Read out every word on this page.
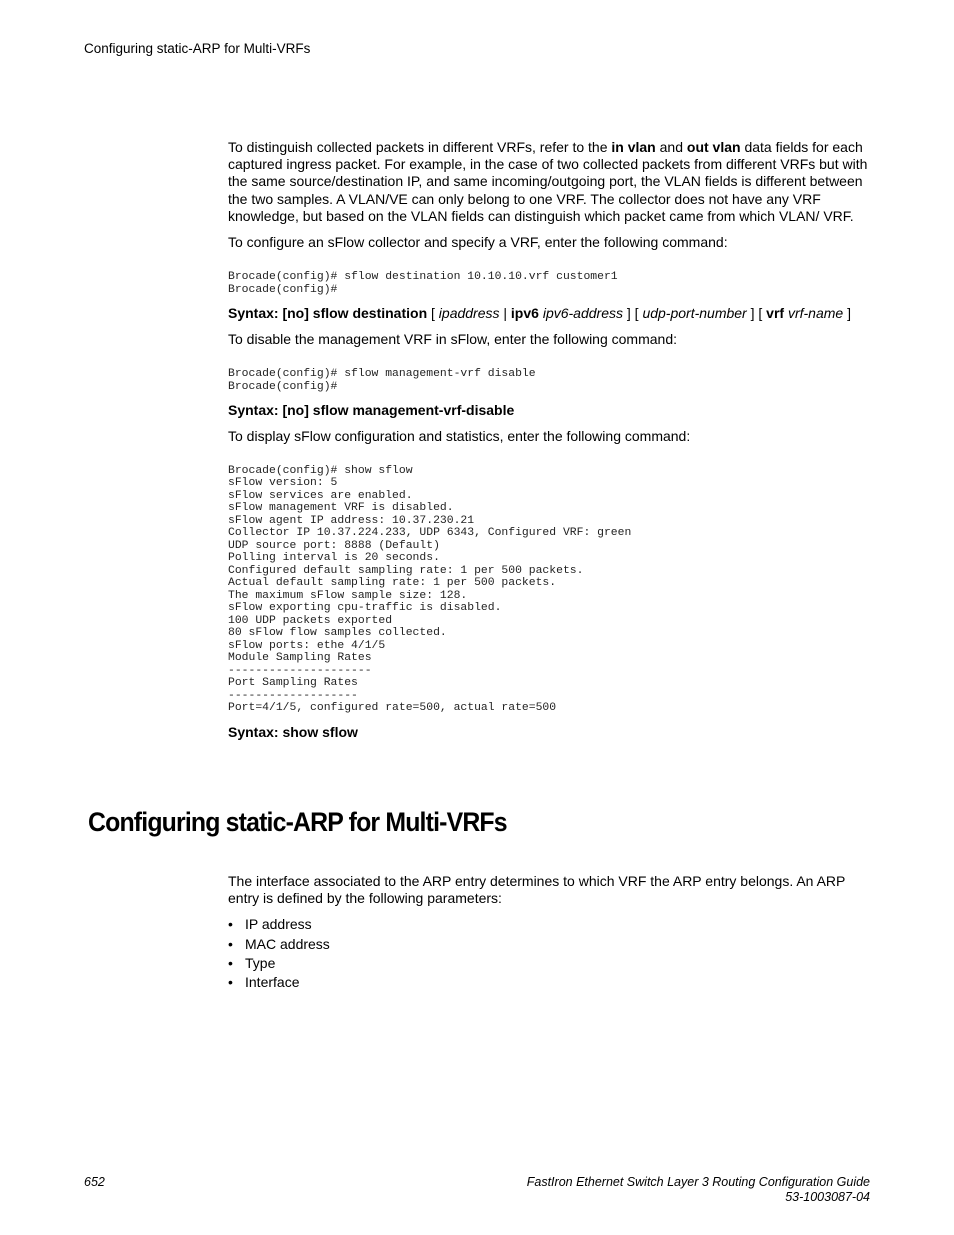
Configuring static-ARP for Multi-VRFs

To distinguish collected packets in different VRFs, refer to the in vlan and out vlan data fields for each captured ingress packet. For example, in the case of two collected packets from different VRFs but with the same source/destination IP, and same incoming/outgoing port, the VLAN fields is different between the two samples. A VLAN/VE can only belong to one VRF. The collector does not have any VRF knowledge, but based on the VLAN fields can distinguish which packet came from which VLAN/ VRF.

To configure an sFlow collector and specify a VRF, enter the following command:

Brocade(config)# sflow destination 10.10.10.vrf customer1
Brocade(config)#

Syntax: [no] sflow destination [ ipaddress | ipv6 ipv6-address ] [ udp-port-number ] [ vrf vrf-name ]

To disable the management VRF in sFlow, enter the following command:

Brocade(config)# sflow management-vrf disable
Brocade(config)#

Syntax: [no] sflow management-vrf-disable

To display sFlow configuration and statistics, enter the following command:

Brocade(config)# show sflow
sFlow version: 5
sFlow services are enabled.
sFlow management VRF is disabled.
sFlow agent IP address: 10.37.230.21
Collector IP 10.37.224.233, UDP 6343, Configured VRF: green
UDP source port: 8888 (Default)
Polling interval is 20 seconds.
Configured default sampling rate: 1 per 500 packets.
Actual default sampling rate: 1 per 500 packets.
The maximum sFlow sample size: 128.
sFlow exporting cpu-traffic is disabled.
100 UDP packets exported
80 sFlow flow samples collected.
sFlow ports: ethe 4/1/5
Module Sampling Rates
---------------------
Port Sampling Rates
-------------------
Port=4/1/5, configured rate=500, actual rate=500

Syntax: show sflow

Configuring static-ARP for Multi-VRFs

The interface associated to the ARP entry determines to which VRF the ARP entry belongs. An ARP entry is defined by the following parameters:

• IP address
• MAC address
• Type
• Interface
652	FastIron Ethernet Switch Layer 3 Routing Configuration Guide
53-1003087-04
